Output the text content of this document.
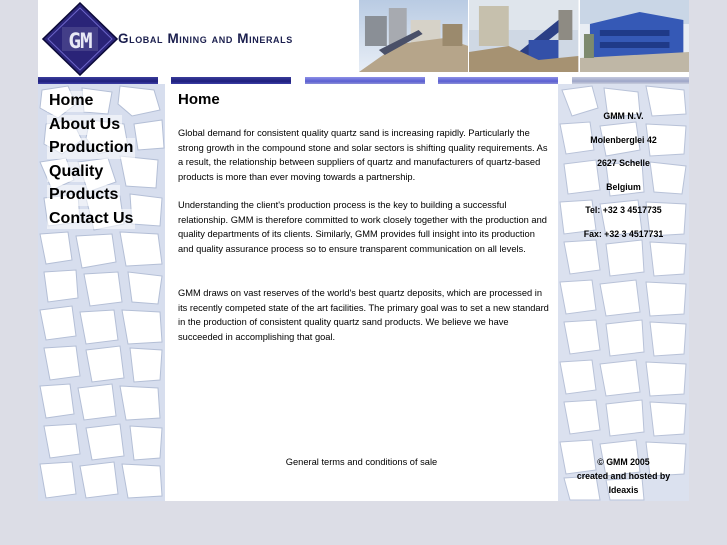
GM Global Mining and Minerals
Home
About Us
Production
Quality
Products
Contact Us
Home
Global demand for consistent quality quartz sand is increasing rapidly. Particularly the strong growth in the compound stone and solar sectors is shifting quality requirements. As a result, the relationship between suppliers of quartz and manufacturers of quartz-based products is more than ever moving towards a partnership.
Understanding the client's production process is the key to building a successful relationship. GMM is therefore committed to work closely together with the production and quality departments of its clients. Similarly, GMM provides full insight into its production and quality assurance process so to ensure transparent communication on all levels.
GMM draws on vast reserves of the world's best quartz deposits, which are processed in its recently competed state of the art facilities. The primary goal was to set a new standard in the production of consistent quality quartz sand products. We believe we have succeeded in accomplishing that goal.
General terms and conditions of sale
GMM N.V.
Molenberglei 42
2627 Schelle
Belgium
Tel: +32 3 4517735
Fax: +32 3 4517731
© GMM 2005
created and hosted by
Ideaxis
